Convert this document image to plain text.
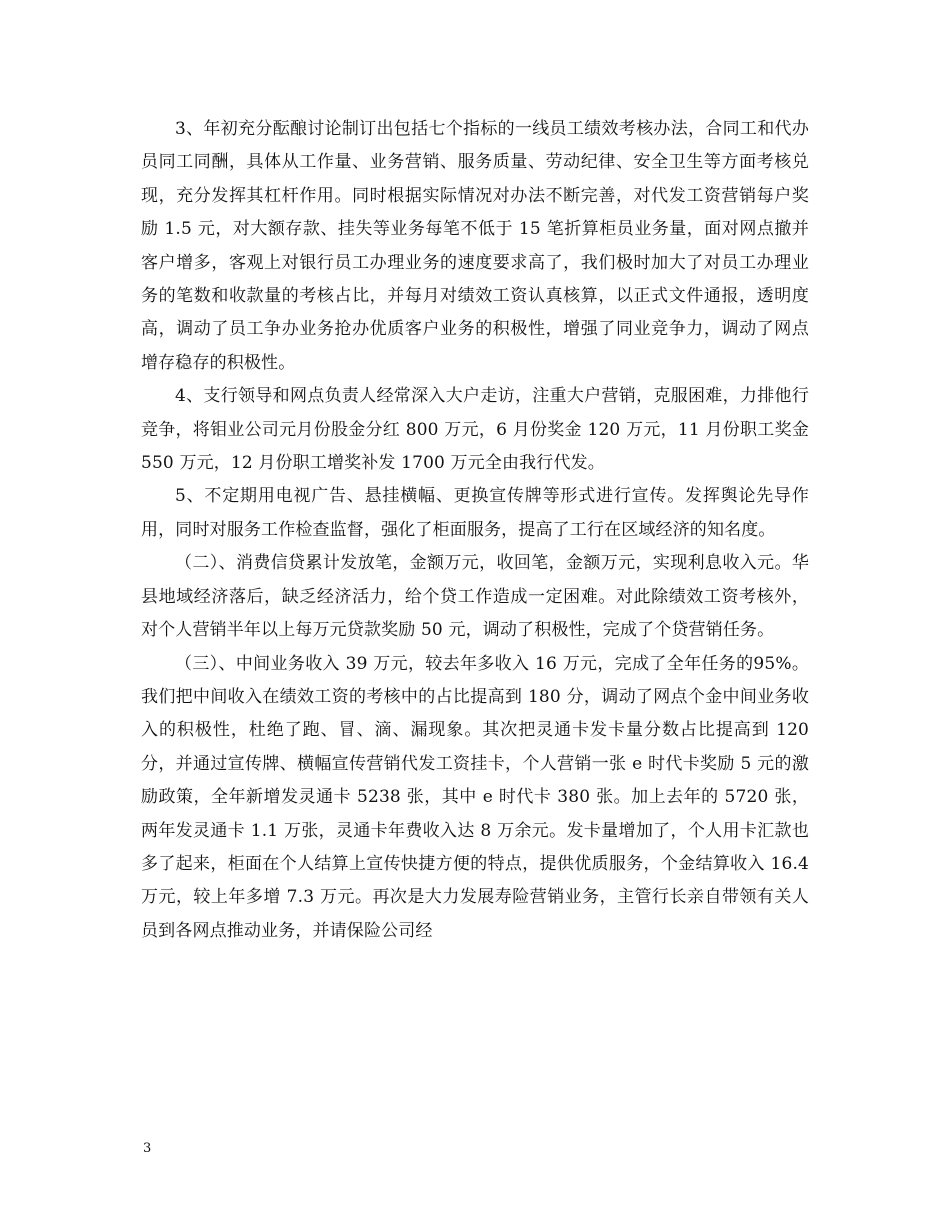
3、年初充分酝酿讨论制订出包括七个指标的一线员工绩效考核办法，合同工和代办员同工同酬，具体从工作量、业务营销、服务质量、劳动纪律、安全卫生等方面考核兑现，充分发挥其杠杆作用。同时根据实际情况对办法不断完善，对代发工资营销每户奖励 1.5 元，对大额存款、挂失等业务每笔不低于 15 笔折算柜员业务量，面对网点撤并客户增多，客观上对银行员工办理业务的速度要求高了，我们极时加大了对员工办理业务的笔数和收款量的考核占比，并每月对绩效工资认真核算，以正式文件通报，透明度高，调动了员工争办业务抢办优质客户业务的积极性，增强了同业竞争力，调动了网点增存稳存的积极性。

4、支行领导和网点负责人经常深入大户走访，注重大户营销，克服困难，力排他行竞争，将钼业公司元月份股金分红 800 万元，6 月份奖金 120 万元，11 月份职工奖金 550 万元，12 月份职工增奖补发 1700 万元全由我行代发。

5、不定期用电视广告、悬挂横幅、更换宣传牌等形式进行宣传。发挥舆论先导作用，同时对服务工作检查监督，强化了柜面服务，提高了工行在区域经济的知名度。

（二）、消费信贷累计发放笔，金额万元，收回笔，金额万元，实现利息收入元。华县地域经济落后，缺乏经济活力，给个贷工作造成一定困难。对此除绩效工资考核外，对个人营销半年以上每万元贷款奖励 50 元，调动了积极性，完成了个贷营销任务。

（三）、中间业务收入 39 万元，较去年多收入 16 万元，完成了全年任务的95%。我们把中间收入在绩效工资的考核中的占比提高到 180 分，调动了网点个金中间业务收入的积极性，杜绝了跑、冒、滴、漏现象。其次把灵通卡发卡量分数占比提高到 120 分，并通过宣传牌、横幅宣传营销代发工资挂卡，个人营销一张 e 时代卡奖励 5 元的激励政策，全年新增发灵通卡 5238 张，其中 e 时代卡 380 张。加上去年的 5720 张，两年发灵通卡 1.1 万张，灵通卡年费收入达 8 万余元。发卡量增加了，个人用卡汇款也多了起来，柜面在个人结算上宣传快捷方便的特点，提供优质服务，个金结算收入 16.4 万元，较上年多增 7.3 万元。再次是大力发展寿险营销业务，主管行长亲自带领有关人员到各网点推动业务，并请保险公司经

3
